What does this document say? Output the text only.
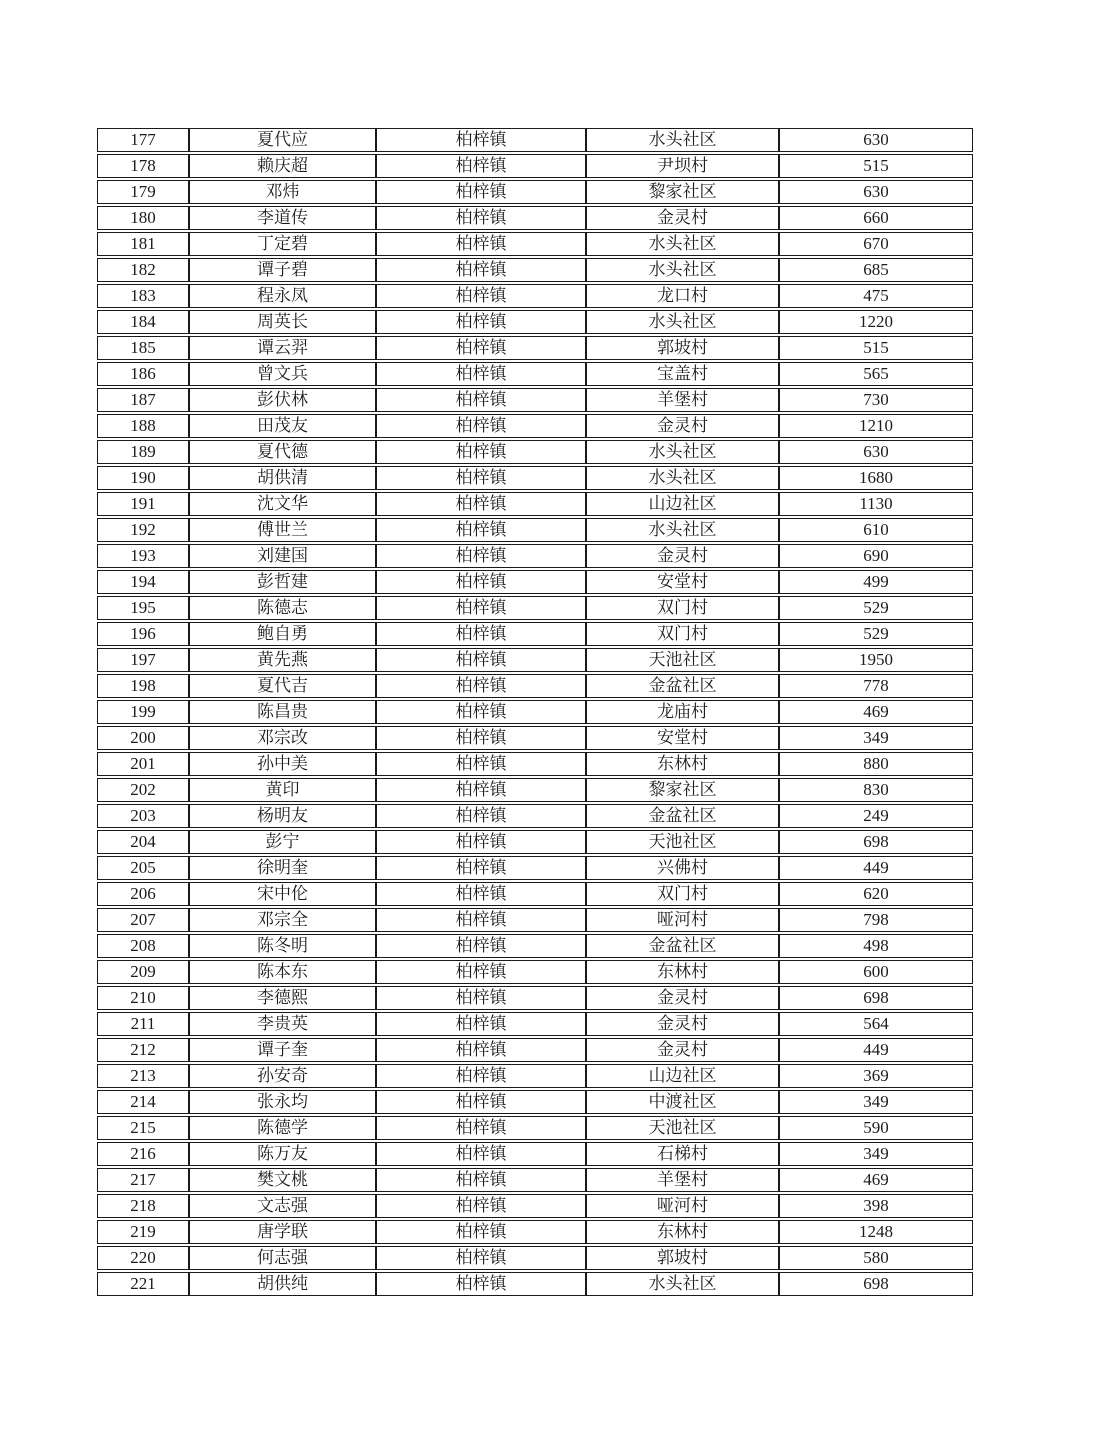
177	夏代应	柏梓镇	水头社区	630
178	赖庆超	柏梓镇	尹坝村	515
179	邓炜	柏梓镇	黎家社区	630
180	李道传	柏梓镇	金灵村	660
181	丁定碧	柏梓镇	水头社区	670
182	谭子碧	柏梓镇	水头社区	685
183	程永凤	柏梓镇	龙口村	475
184	周英长	柏梓镇	水头社区	1220
185	谭云羿	柏梓镇	郭坡村	515
186	曾文兵	柏梓镇	宝盖村	565
187	彭伏林	柏梓镇	羊堡村	730
188	田茂友	柏梓镇	金灵村	1210
189	夏代德	柏梓镇	水头社区	630
190	胡供清	柏梓镇	水头社区	1680
191	沈文华	柏梓镇	山边社区	1130
192	傅世兰	柏梓镇	水头社区	610
193	刘建国	柏梓镇	金灵村	690
194	彭哲建	柏梓镇	安堂村	499
195	陈德志	柏梓镇	双门村	529
196	鲍自勇	柏梓镇	双门村	529
197	黄先燕	柏梓镇	天池社区	1950
198	夏代吉	柏梓镇	金盆社区	778
199	陈昌贵	柏梓镇	龙庙村	469
200	邓宗改	柏梓镇	安堂村	349
201	孙中美	柏梓镇	东林村	880
202	黄印	柏梓镇	黎家社区	830
203	杨明友	柏梓镇	金盆社区	249
204	彭宁	柏梓镇	天池社区	698
205	徐明奎	柏梓镇	兴佛村	449
206	宋中伦	柏梓镇	双门村	620
207	邓宗全	柏梓镇	哑河村	798
208	陈冬明	柏梓镇	金盆社区	498
209	陈本东	柏梓镇	东林村	600
210	李德熙	柏梓镇	金灵村	698
211	李贵英	柏梓镇	金灵村	564
212	谭子奎	柏梓镇	金灵村	449
213	孙安奇	柏梓镇	山边社区	369
214	张永均	柏梓镇	中渡社区	349
215	陈德学	柏梓镇	天池社区	590
216	陈万友	柏梓镇	石梯村	349
217	樊文桃	柏梓镇	羊堡村	469
218	文志强	柏梓镇	哑河村	398
219	唐学联	柏梓镇	东林村	1248
220	何志强	柏梓镇	郭坡村	580
221	胡供纯	柏梓镇	水头社区	698
